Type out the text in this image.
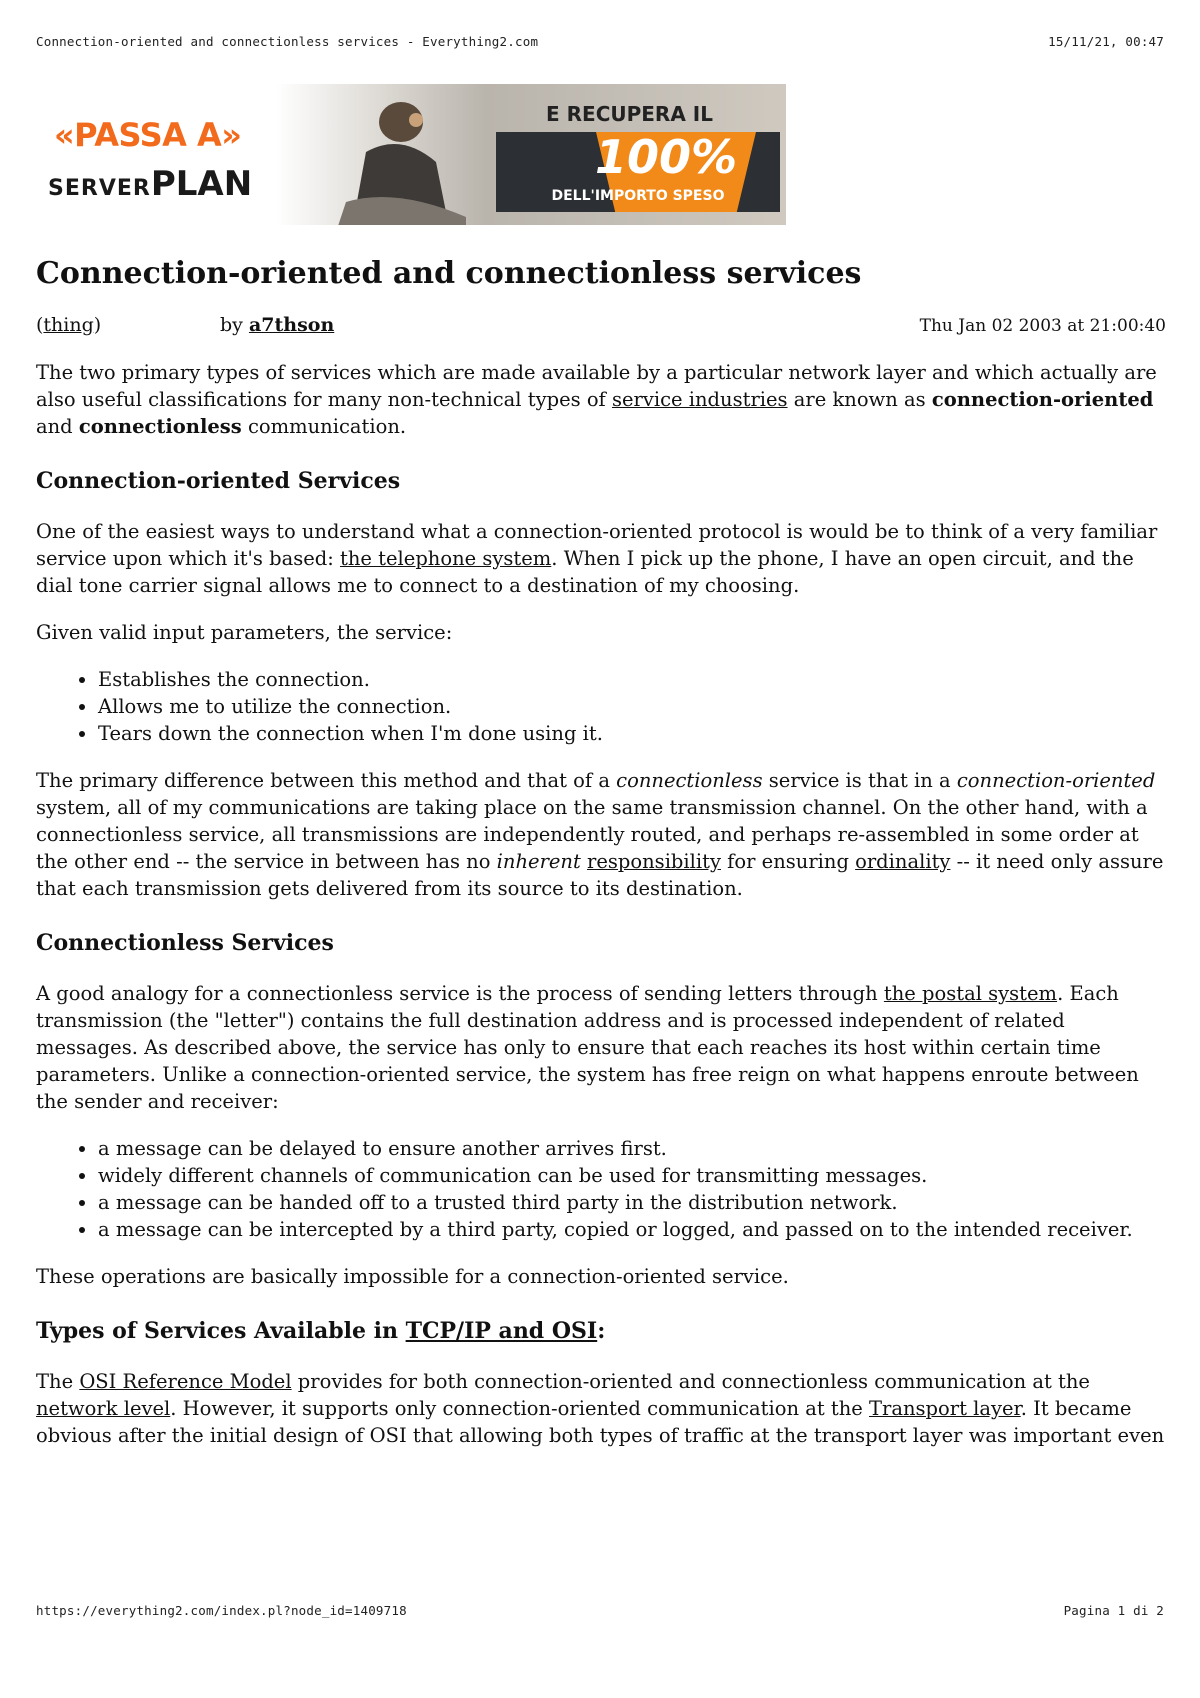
Connection-oriented and connectionless services - Everything2.com	15/11/21, 00:47
«PASSA A»
SERVERPLAN
E RECUPERA IL
100%
DELL'IMPORTO SPESO
Connection-oriented and connectionless services
(thing)	by a7thson	Thu Jan 02 2003 at 21:00:40

The two primary types of services which are made available by a particular network layer and which actually are also useful classifications for many non-technical types of service industries are known as connection-oriented and connectionless communication.

Connection-oriented Services

One of the easiest ways to understand what a connection-oriented protocol is would be to think of a very familiar service upon which it's based: the telephone system. When I pick up the phone, I have an open circuit, and the dial tone carrier signal allows me to connect to a destination of my choosing.

Given valid input parameters, the service:

• Establishes the connection.
• Allows me to utilize the connection.
• Tears down the connection when I'm done using it.

The primary difference between this method and that of a connectionless service is that in a connection-oriented system, all of my communications are taking place on the same transmission channel. On the other hand, with a connectionless service, all transmissions are independently routed, and perhaps re-assembled in some order at the other end -- the service in between has no inherent responsibility for ensuring ordinality -- it need only assure that each transmission gets delivered from its source to its destination.

Connectionless Services

A good analogy for a connectionless service is the process of sending letters through the postal system. Each transmission (the "letter") contains the full destination address and is processed independent of related messages. As described above, the service has only to ensure that each reaches its host within certain time parameters. Unlike a connection-oriented service, the system has free reign on what happens enroute between the sender and receiver:

• a message can be delayed to ensure another arrives first.
• widely different channels of communication can be used for transmitting messages.
• a message can be handed off to a trusted third party in the distribution network.
• a message can be intercepted by a third party, copied or logged, and passed on to the intended receiver.

These operations are basically impossible for a connection-oriented service.

Types of Services Available in TCP/IP and OSI:

The OSI Reference Model provides for both connection-oriented and connectionless communication at the network level. However, it supports only connection-oriented communication at the Transport layer. It became obvious after the initial design of OSI that allowing both types of traffic at the transport layer was important even

https://everything2.com/index.pl?node_id=1409718	Pagina 1 di 2
